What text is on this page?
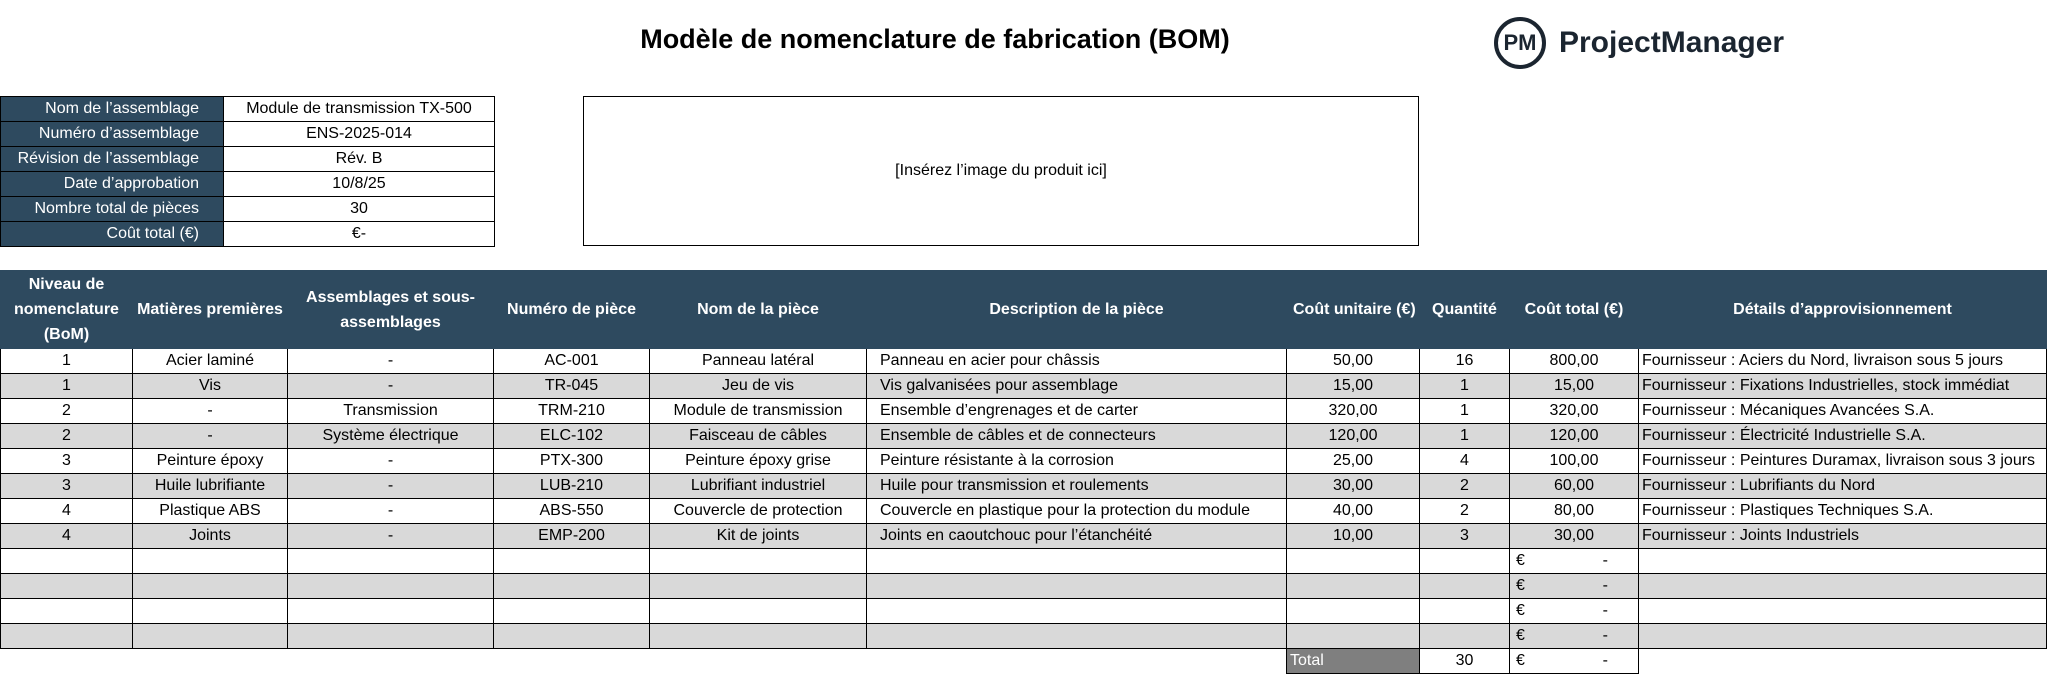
Modèle de nomenclature de fabrication (BOM)	PM ProjectManager
Nom de l’assemblage	Module de transmission TX-500
Numéro d’assemblage	ENS-2025-014
Révision de l’assemblage	Rév. B
Date d’approbation	10/8/25
Nombre total de pièces	30
Coût total (€)	€-
[Insérez l’image du produit ici]
Niveau de nomenclature (BoM)	Matières premières	Assemblages et sous-assemblages	Numéro de pièce	Nom de la pièce	Description de la pièce	Coût unitaire (€)	Quantité	Coût total (€)	Détails d’approvisionnement
1	Acier laminé	-	AC-001	Panneau latéral	Panneau en acier pour châssis	50,00	16	800,00	Fournisseur : Aciers du Nord, livraison sous 5 jours
1	Vis	-	TR-045	Jeu de vis	Vis galvanisées pour assemblage	15,00	1	15,00	Fournisseur : Fixations Industrielles, stock immédiat
2	-	Transmission	TRM-210	Module de transmission	Ensemble d’engrenages et de carter	320,00	1	320,00	Fournisseur : Mécaniques Avancées S.A.
2	-	Système électrique	ELC-102	Faisceau de câbles	Ensemble de câbles et de connecteurs	120,00	1	120,00	Fournisseur : Électricité Industrielle S.A.
3	Peinture époxy	-	PTX-300	Peinture époxy grise	Peinture résistante à la corrosion	25,00	4	100,00	Fournisseur : Peintures Duramax, livraison sous 3 jours
3	Huile lubrifiante	-	LUB-210	Lubrifiant industriel	Huile pour transmission et roulements	30,00	2	60,00	Fournisseur : Lubrifiants du Nord
4	Plastique ABS	-	ABS-550	Couvercle de protection	Couvercle en plastique pour la protection du module	40,00	2	80,00	Fournisseur : Plastiques Techniques S.A.
4	Joints	-	EMP-200	Kit de joints	Joints en caoutchouc pour l’étanchéité	10,00	3	30,00	Fournisseur : Joints Industriels

								€ -	

								€ -	

								€ -	

								€ -	

						Total	30	€ -	
